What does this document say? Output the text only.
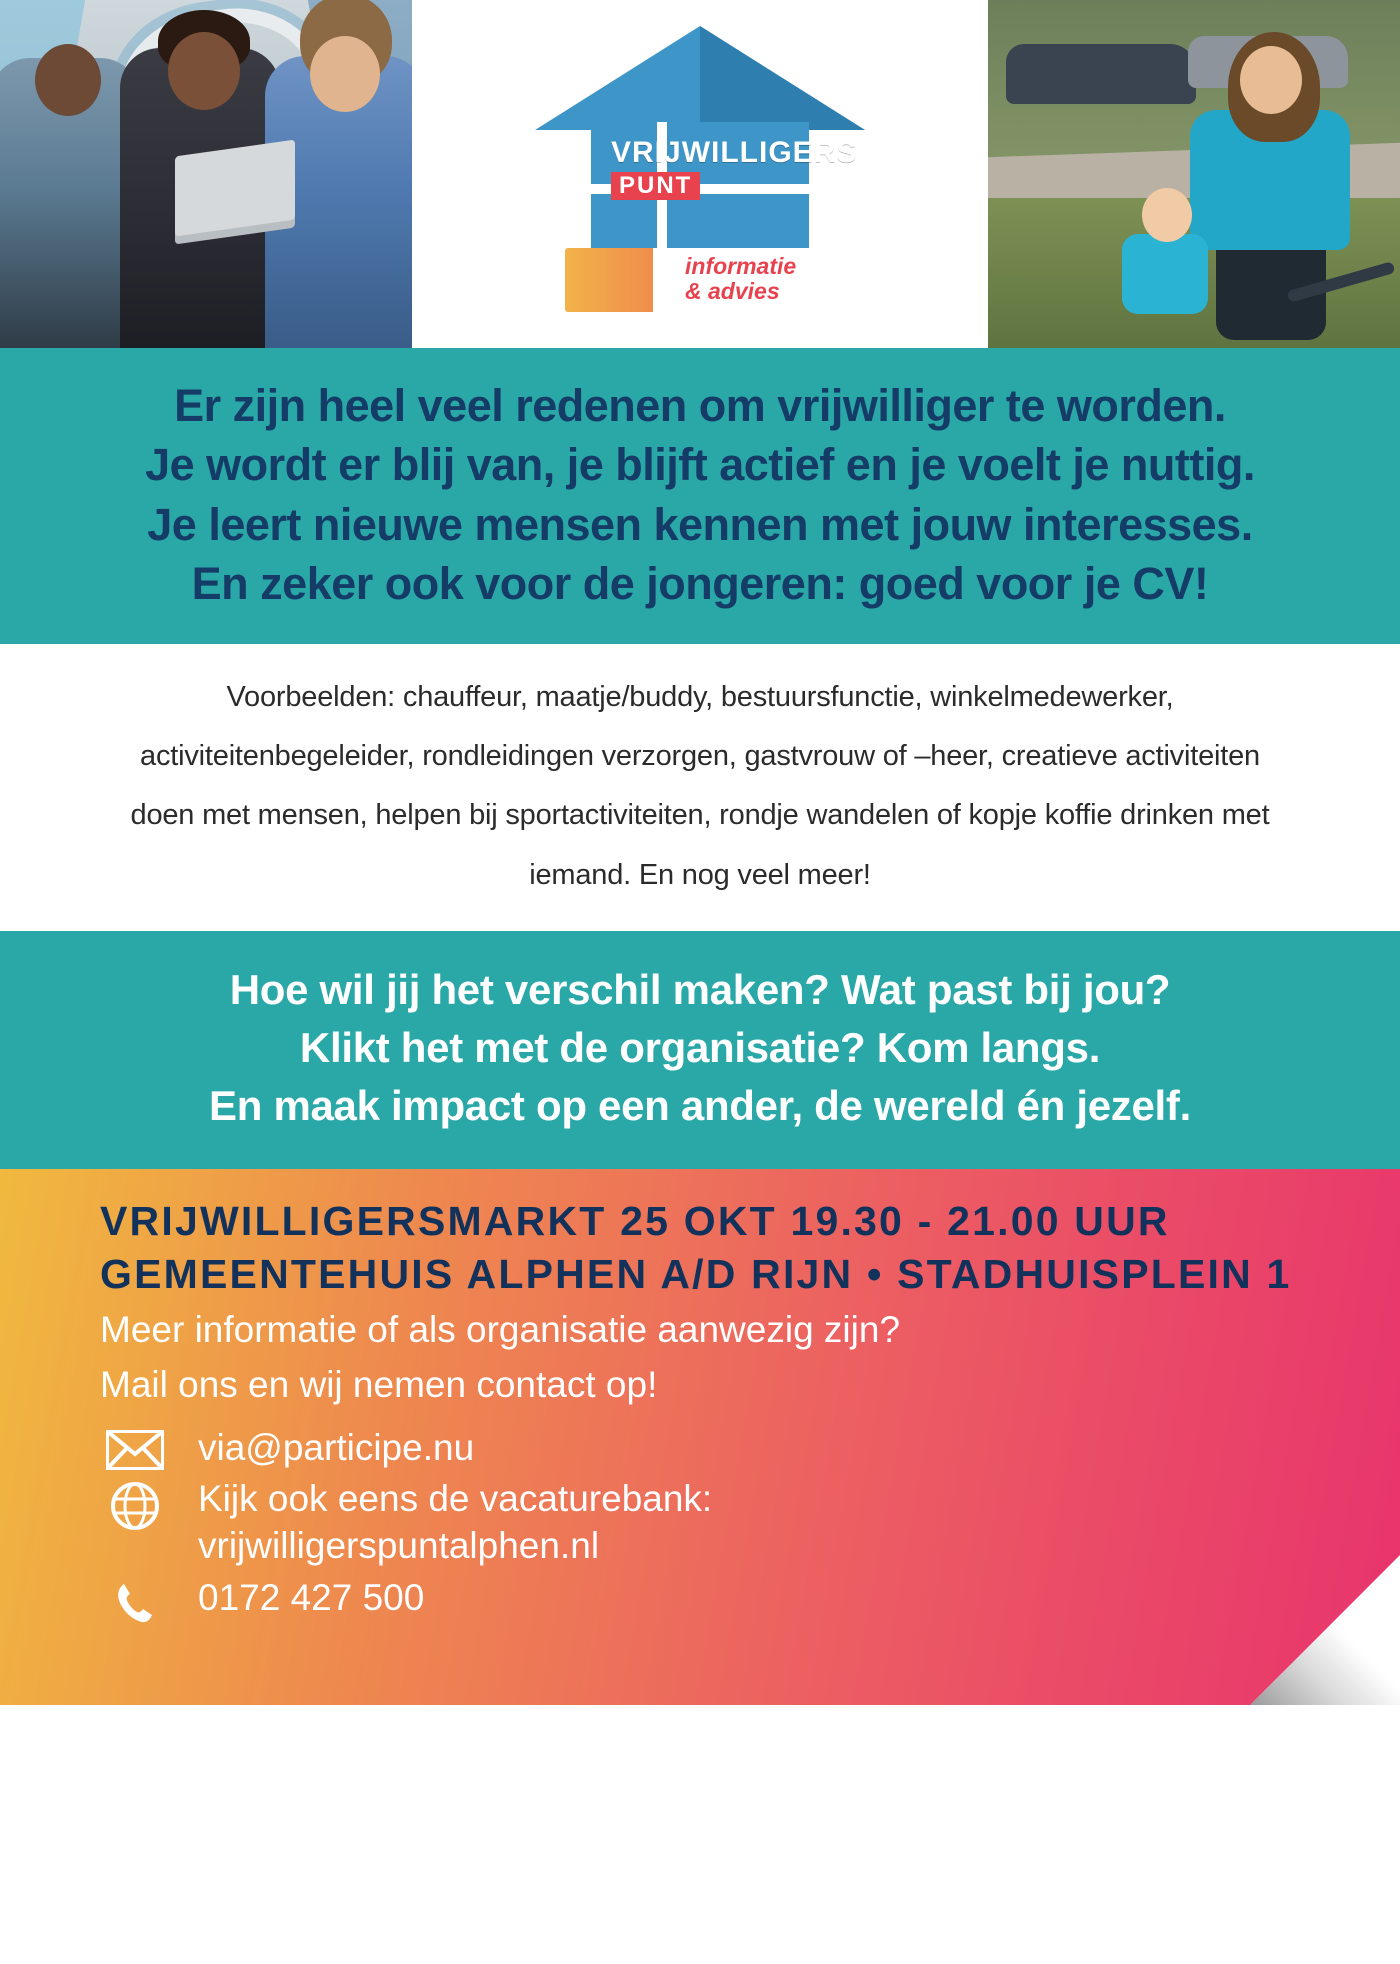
VRIJWILLIGERS
PUNT
informatie
& advies
Er zijn heel veel redenen om vrijwilliger te worden.
Je wordt er blij van, je blijft actief en je voelt je nuttig.
Je leert nieuwe mensen kennen met jouw interesses.
En zeker ook voor de jongeren: goed voor je CV!

Voorbeelden: chauffeur, maatje/buddy, bestuursfunctie, winkelmedewerker, activiteitenbegeleider, rondleidingen verzorgen, gastvrouw of –heer, creatieve activiteiten doen met mensen, helpen bij sportactiviteiten, rondje wandelen of kopje koffie drinken met iemand. En nog veel meer!

Hoe wil jij het verschil maken? Wat past bij jou?
Klikt het met de organisatie? Kom langs.
En maak impact op een ander, de wereld én jezelf.
VRIJWILLIGERSMARKT 25 OKT 19.30 - 21.00 UUR
GEMEENTEHUIS ALPHEN A/D RIJN • STADHUISPLEIN 1
Meer informatie of als organisatie aanwezig zijn?
Mail ons en wij nemen contact op!
via@participe.nu
Kijk ook eens de vacaturebank:
vrijwilligerspuntalphen.nl
0172 427 500
